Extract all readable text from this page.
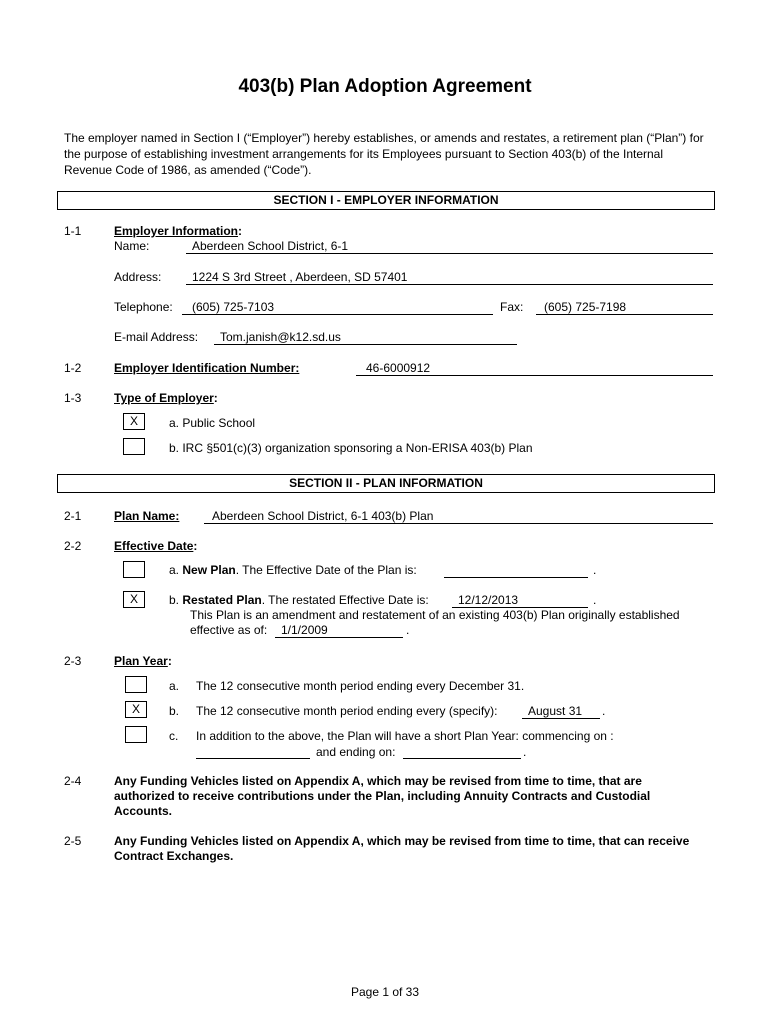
403(b) Plan Adoption Agreement
The employer named in Section I (“Employer”) hereby establishes, or amends and restates, a retirement plan (“Plan”) for the purpose of establishing investment arrangements for its Employees pursuant to Section 403(b) of the Internal Revenue Code of 1986, as amended (“Code”).
SECTION I - EMPLOYER INFORMATION
1-1	Employer Information:
Name:	Aberdeen School District, 6-1
Address:	1224 S 3rd Street , Aberdeen, SD 57401
Telephone:	(605) 725-7103	Fax:	(605) 725-7198
E-mail Address:	Tom.janish@k12.sd.us
1-2	Employer Identification Number:	46-6000912
1-3	Type of Employer:
X	a. Public School
b. IRC §501(c)(3) organization sponsoring a Non-ERISA 403(b) Plan
SECTION II - PLAN INFORMATION
2-1	Plan Name:	Aberdeen School District, 6-1 403(b) Plan
2-2	Effective Date:
a. New Plan. The Effective Date of the Plan is:	.
X	b. Restated Plan. The restated Effective Date is:	12/12/2013	.
This Plan is an amendment and restatement of an existing 403(b) Plan originally established
effective as of:	1/1/2009	.
2-3	Plan Year:
a. The 12 consecutive month period ending every December 31.
X	b. The 12 consecutive month period ending every (specify):	August 31	.
c. In addition to the above, the Plan will have a short Plan Year: commencing on :
and ending on:	.
2-4	Any Funding Vehicles listed on Appendix A, which may be revised from time to time, that are authorized to receive contributions under the Plan, including Annuity Contracts and Custodial Accounts.
2-5	Any Funding Vehicles listed on Appendix A, which may be revised from time to time, that can receive Contract Exchanges.
Page 1 of 33
